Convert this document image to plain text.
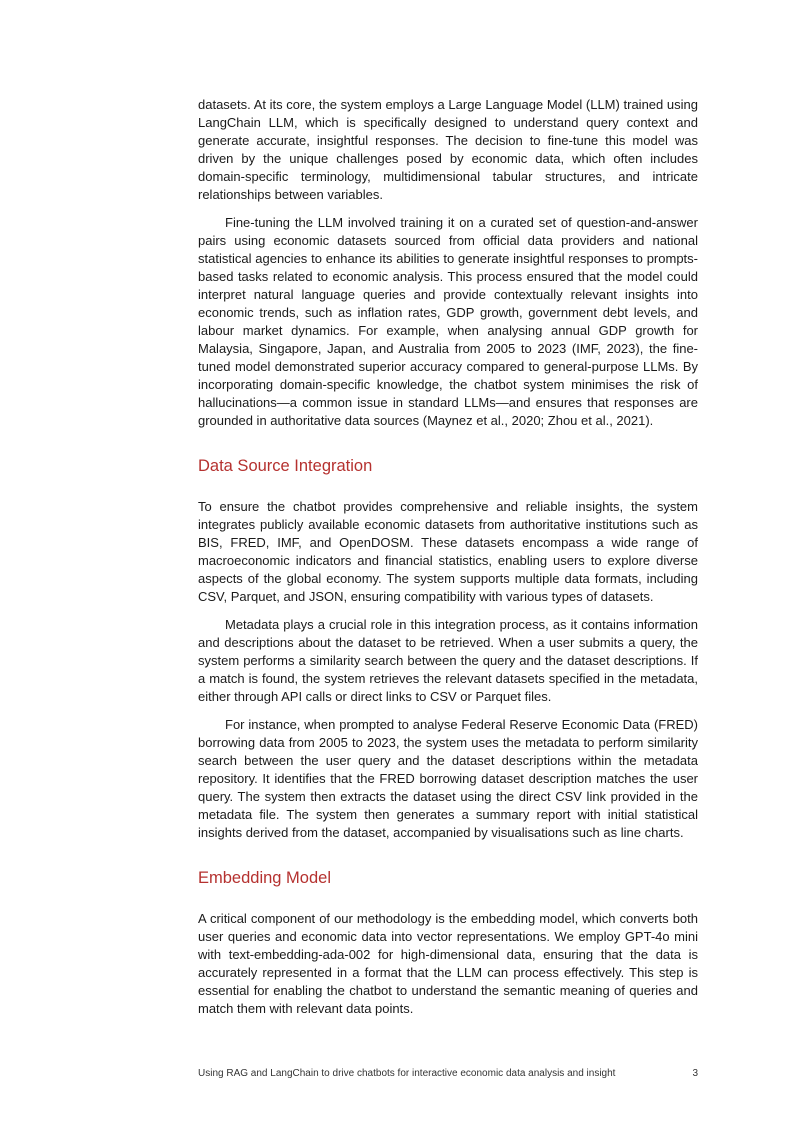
datasets. At its core, the system employs a Large Language Model (LLM) trained using LangChain LLM, which is specifically designed to understand query context and generate accurate, insightful responses. The decision to fine-tune this model was driven by the unique challenges posed by economic data, which often includes domain-specific terminology, multidimensional tabular structures, and intricate relationships between variables.

Fine-tuning the LLM involved training it on a curated set of question-and-answer pairs using economic datasets sourced from official data providers and national statistical agencies to enhance its abilities to generate insightful responses to prompts-based tasks related to economic analysis. This process ensured that the model could interpret natural language queries and provide contextually relevant insights into economic trends, such as inflation rates, GDP growth, government debt levels, and labour market dynamics. For example, when analysing annual GDP growth for Malaysia, Singapore, Japan, and Australia from 2005 to 2023 (IMF, 2023), the fine-tuned model demonstrated superior accuracy compared to general-purpose LLMs. By incorporating domain-specific knowledge, the chatbot system minimises the risk of hallucinations—a common issue in standard LLMs—and ensures that responses are grounded in authoritative data sources (Maynez et al., 2020; Zhou et al., 2021).

Data Source Integration

To ensure the chatbot provides comprehensive and reliable insights, the system integrates publicly available economic datasets from authoritative institutions such as BIS, FRED, IMF, and OpenDOSM. These datasets encompass a wide range of macroeconomic indicators and financial statistics, enabling users to explore diverse aspects of the global economy. The system supports multiple data formats, including CSV, Parquet, and JSON, ensuring compatibility with various types of datasets.

Metadata plays a crucial role in this integration process, as it contains information and descriptions about the dataset to be retrieved. When a user submits a query, the system performs a similarity search between the query and the dataset descriptions. If a match is found, the system retrieves the relevant datasets specified in the metadata, either through API calls or direct links to CSV or Parquet files.

For instance, when prompted to analyse Federal Reserve Economic Data (FRED) borrowing data from 2005 to 2023, the system uses the metadata to perform similarity search between the user query and the dataset descriptions within the metadata repository. It identifies that the FRED borrowing dataset description matches the user query. The system then extracts the dataset using the direct CSV link provided in the metadata file. The system then generates a summary report with initial statistical insights derived from the dataset, accompanied by visualisations such as line charts.

Embedding Model

A critical component of our methodology is the embedding model, which converts both user queries and economic data into vector representations. We employ GPT-4o mini with text-embedding-ada-002 for high-dimensional data, ensuring that the data is accurately represented in a format that the LLM can process effectively. This step is essential for enabling the chatbot to understand the semantic meaning of queries and match them with relevant data points.

Using RAG and LangChain to drive chatbots for interactive economic data analysis and insight	3
